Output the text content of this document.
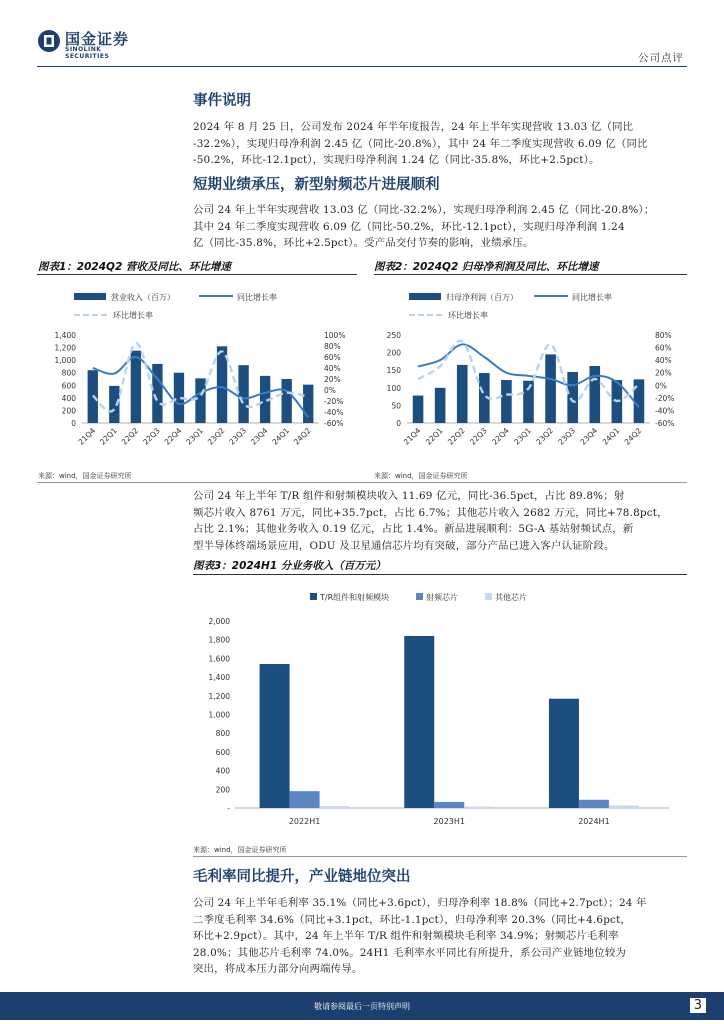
国金证券
SINOLINK SECURITIES	公司点评
事件说明
2024 年 8 月 25 日，公司发布 2024 年半年度报告，24 年上半年实现营收 13.03 亿（同比
-32.2%），实现归母净利润 2.45 亿（同比-20.8%），其中 24 年二季度实现营收 6.09 亿（同比
-50.2%，环比-12.1pct），实现归母净利润 1.24 亿（同比-35.8%，环比+2.5pct）。
短期业绩承压，新型射频芯片进展顺利
公司 24 年上半年实现营收 13.03 亿（同比-32.2%），实现归母净利润 2.45 亿（同比-20.8%）；
其中 24 年二季度实现营收 6.09 亿（同比-50.2%，环比-12.1pct），实现归母净利润 1.24
亿（同比-35.8%，环比+2.5pct）。受产品交付节奏的影响，业绩承压。
图表1：2024Q2 营收及同比、环比增速	图表2：2024Q2 归母净利润及同比、环比增速
营业收入（百万）	同比增长率
环比增长率
0
200
400
600
800
1,000
1,200
1,400
-60%
-40%
-20%
0%
20%
40%
60%
80%
100%
21Q4 22Q1 22Q2 22Q3 22Q4 23Q1 23Q2 23Q3 23Q4 24Q1 24Q2
归母净利润（百万）	同比增长率
环比增长率
0
50
100
150
200
250
-60%
-40%
-20%
0%
20%
40%
60%
80%
21Q4 22Q1 22Q2 22Q3 22Q4 23Q1 23Q2 23Q3 23Q4 24Q1 24Q2
来源：wind，国金证券研究所	来源：wind，国金证券研究所
公司 24 年上半年 T/R 组件和射频模块收入 11.69 亿元，同比-36.5pct，占比 89.8%；射
频芯片收入 8761 万元，同比+35.7pct，占比 6.7%；其他芯片收入 2682 万元，同比+78.8pct，
占比 2.1%；其他业务收入 0.19 亿元，占比 1.4%。新品进展顺利：5G-A 基站射频试点，新
型半导体终端场景应用，ODU 及卫星通信芯片均有突破，部分产品已进入客户认证阶段。
图表3：2024H1 分业务收入（百万元）
T/R组件和射频模块	射频芯片	其他芯片
-
200
400
600
800
1,000
1,200
1,400
1,600
1,800
2,000
2022H1	2023H1	2024H1
来源：wind，国金证券研究所
毛利率同比提升，产业链地位突出
公司 24 年上半年毛利率 35.1%（同比+3.6pct），归母净利率 18.8%（同比+2.7pct）；24 年
二季度毛利率 34.6%（同比+3.1pct，环比-1.1pct），归母净利率 20.3%（同比+4.6pct，
环比+2.9pct）。其中，24 年上半年 T/R 组件和射频模块毛利率 34.9%；射频芯片毛利率
28.0%；其他芯片毛利率 74.0%。24H1 毛利率水平同比有所提升，系公司产业链地位较为
突出，将成本压力部分向两端传导。
敬请参阅最后一页特别声明	3
